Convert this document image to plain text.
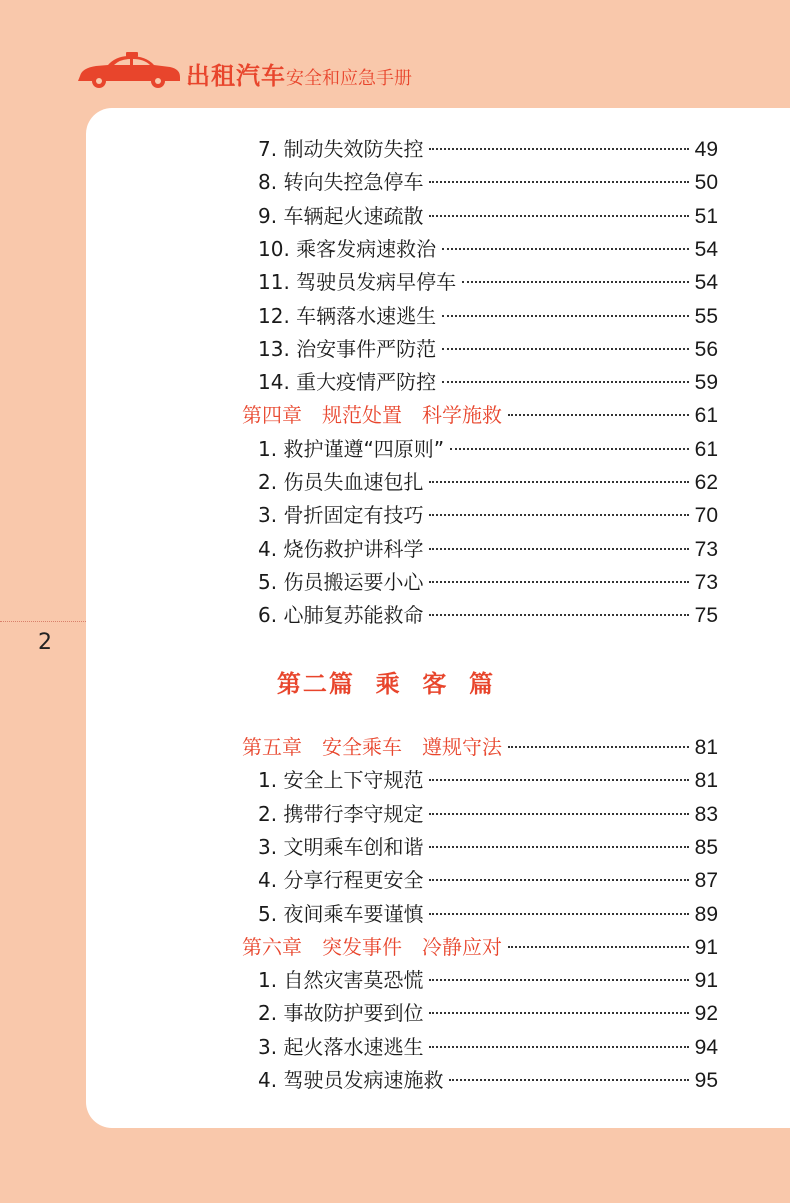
出租汽车安全和应急手册
2
7. 制动失效防失控	49
8. 转向失控急停车	50
9. 车辆起火速疏散	51
10. 乘客发病速救治	54
11. 驾驶员发病早停车	54
12. 车辆落水速逃生	55
13. 治安事件严防范	56
14. 重大疫情严防控	59
第四章　规范处置　科学施救	61
1. 救护谨遵“四原则”	61
2. 伤员失血速包扎	62
3. 骨折固定有技巧	70
4. 烧伤救护讲科学	73
5. 伤员搬运要小心	73
6. 心肺复苏能救命	75
第二篇  乘  客  篇
第五章　安全乘车　遵规守法	81
1. 安全上下守规范	81
2. 携带行李守规定	83
3. 文明乘车创和谐	85
4. 分享行程更安全	87
5. 夜间乘车要谨慎	89
第六章　突发事件　冷静应对	91
1. 自然灾害莫恐慌	91
2. 事故防护要到位	92
3. 起火落水速逃生	94
4. 驾驶员发病速施救	95
